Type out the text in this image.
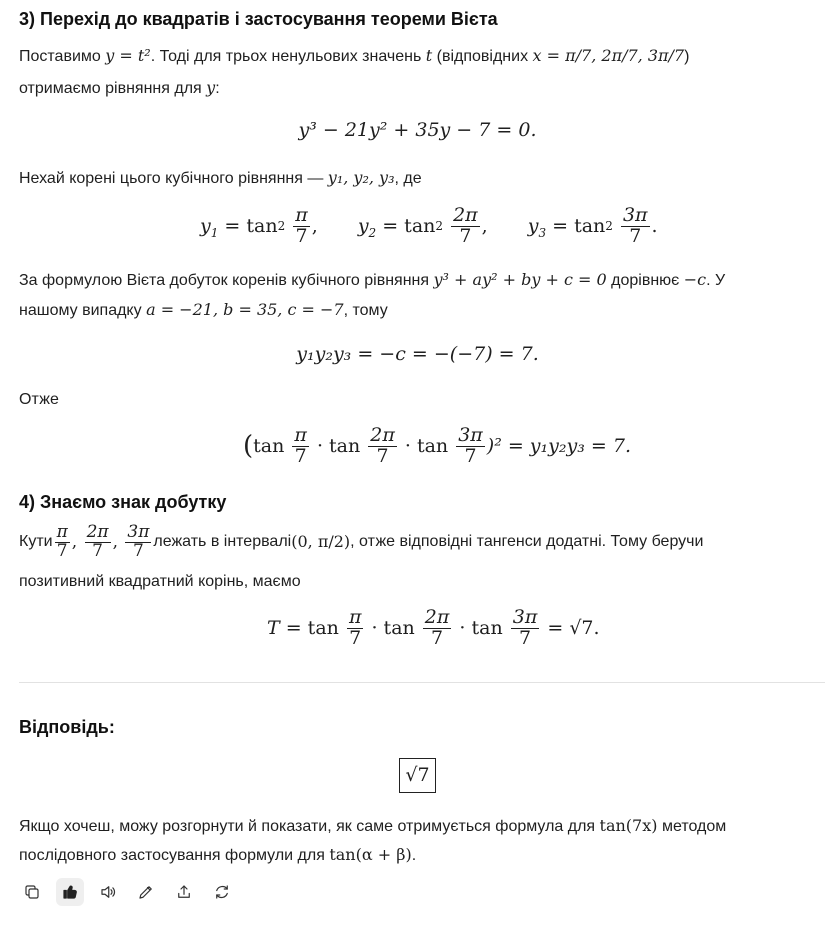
3) Перехід до квадратів і застосування теореми Вієта
Поставимо y = t². Тоді для трьох ненульових значень t (відповідних x = π/7, 2π/7, 3π/7)
отримаємо рівняння для y:
y³ − 21y² + 35y − 7 = 0.
Нехай корені цього кубічного рівняння — y₁, y₂, y₃, де
$y_1 = \tan 2$
$\frac{\pi}{7}$ , $y_2 = \tan 2$
$\frac{2\pi}{7}$ , $y_3 = \tan 2$
$\frac{3\pi}{7}$ .
За формулою Вієта добуток коренів кубічного рівняння y³ + ay² + by + c = 0 дорівнює −c. У
нашому випадку a = −21, b = 35, c = −7, тому
y₁y₂y₃ = −c = −(−7) = 7.
Отже
( $\tan \frac{\pi}{7} \cdot \tan \frac{2\pi}{7} \cdot \tan \frac{3\pi}{7} )^2 = y_1y_2y_3 = 7$.
4) Знаємо знак добутку
Кути $\frac{\pi}{7}$ , $\frac{2\pi}{7}$ , $\frac{3\pi}{7}$ лежать в інтервалі (0, π/2) , отже відповідні тангенси додатні. Тому беручи
позитивний квадратний корінь, маємо
$T = \tan \frac{\pi}{7} \cdot \tan \frac{2\pi}{7} \cdot \tan \frac{3\pi}{7} = √7$ .
Відповідь:
√7
Якщо хочеш, можу розгорнути й показати, як саме отримується формула для tan(7x) методом
послідовного застосування формули для tan(α + β).
